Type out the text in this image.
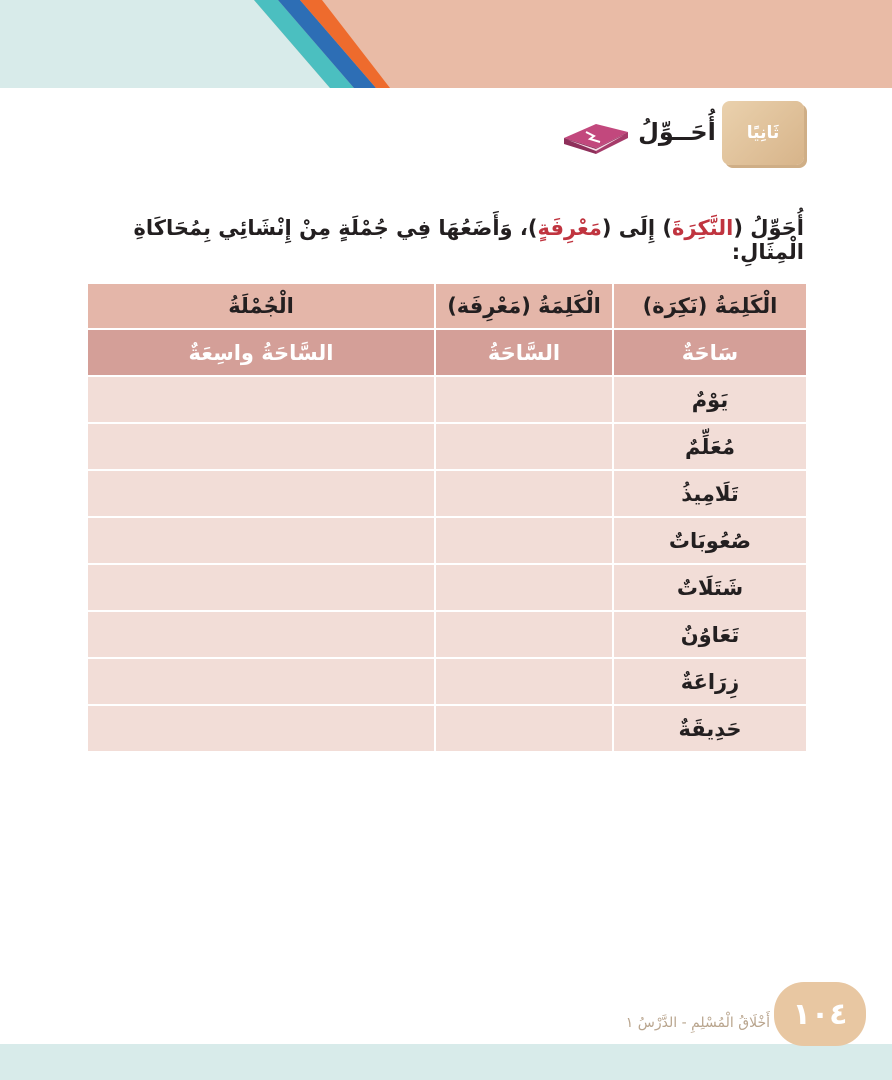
ثَانِيًا
أُحَــوِّلُ
أُحَوِّلُ (النَّكِرَةَ) إِلَى (مَعْرِفَةٍ)، وَأَضَعُهَا فِي جُمْلَةٍ مِنْ إِنْشَائِي بِمُحَاكَاةِ الْمِثَالِ:
الْكَلِمَةُ (نَكِرَة)	الْكَلِمَةُ (مَعْرِفَة)	الْجُمْلَةُ
سَاحَةٌ	السَّاحَةُ	السَّاحَةُ واسِعَةٌ
يَوْمٌ		
مُعَلِّمٌ		
تَلَامِيذُ		
صُعُوبَاتٌ		
شَتَلَاتٌ		
تَعَاوُنٌ		
زِرَاعَةٌ		
حَدِيقَةٌ		
أَخْلَاقُ الْمُسْلِمِ - الدَّرْسُ ١ ١٠٤
